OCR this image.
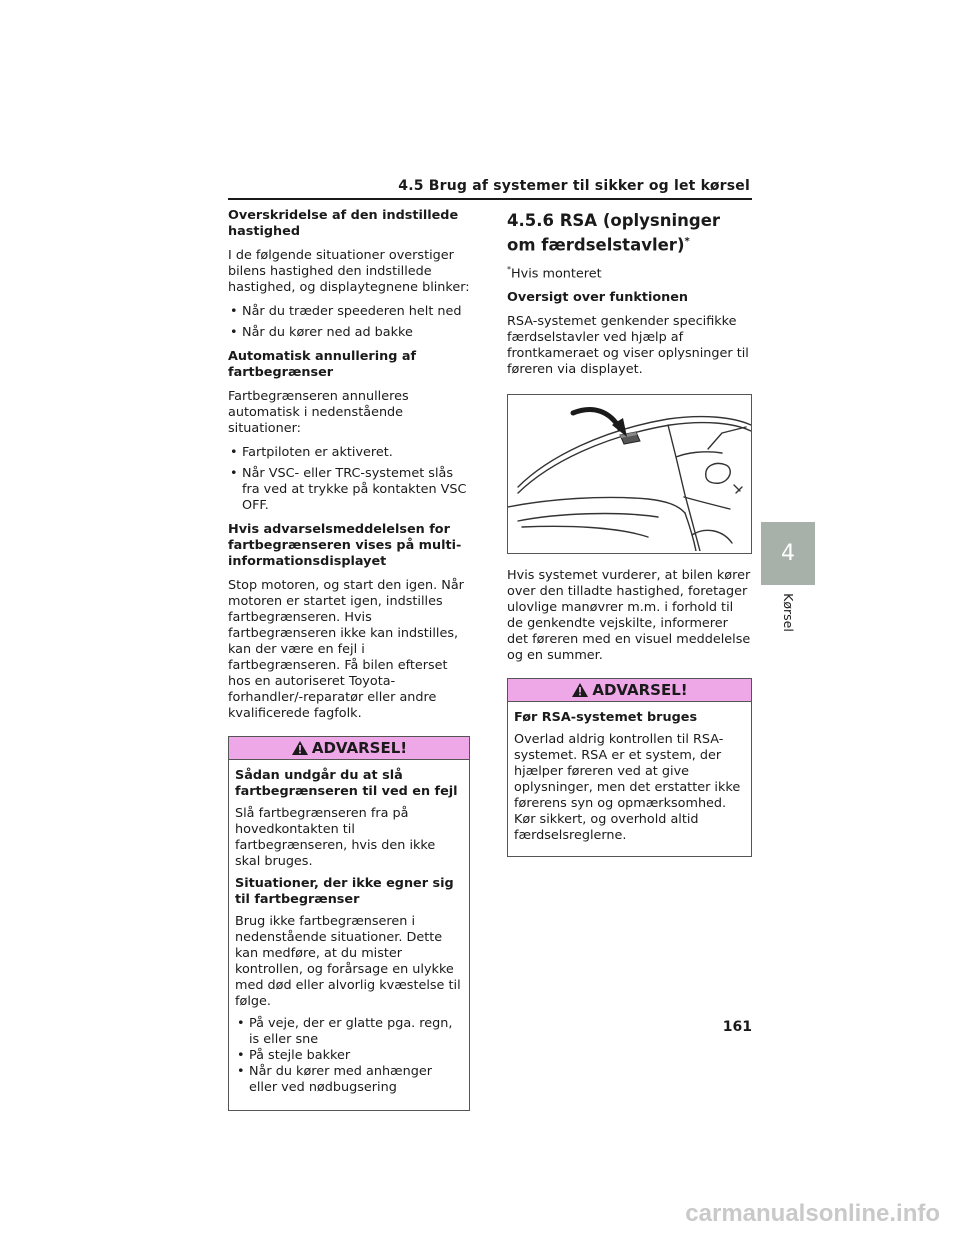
4.5 Brug af systemer til sikker og let kørsel

Overskridelse af den indstillede hastighed

I de følgende situationer overstiger bilens hastighed den indstillede hastighed, og displaytegnene blinker:

• Når du træder speederen helt ned
• Når du kører ned ad bakke

Automatisk annullering af fartbegrænser

Fartbegrænseren annulleres automatisk i nedenstående situationer:

• Fartpiloten er aktiveret.
• Når VSC- eller TRC-systemet slås fra ved at trykke på kontakten VSC OFF.

Hvis advarselsmeddelelsen for fartbegrænseren vises på multi-informationsdisplayet

Stop motoren, og start den igen. Når motoren er startet igen, indstilles fartbegrænseren. Hvis fartbegrænseren ikke kan indstilles, kan der være en fejl i fartbegrænseren. Få bilen efterset hos en autoriseret Toyota-forhandler/-reparatør eller andre kvalificerede fagfolk.

ADVARSEL!

Sådan undgår du at slå fartbegrænseren til ved en fejl

Slå fartbegrænseren fra på hovedkontakten til fartbegrænseren, hvis den ikke skal bruges.

Situationer, der ikke egner sig til fartbegrænser

Brug ikke fartbegrænseren i nedenstående situationer. Dette kan medføre, at du mister kontrollen, og forårsage en ulykke med død eller alvorlig kvæstelse til følge.

• På veje, der er glatte pga. regn, is eller sne
• På stejle bakker
• Når du kører med anhænger eller ved nødbugsering
4.5.6 RSA (oplysninger om færdselstavler)*

*Hvis monteret

Oversigt over funktionen

RSA-systemet genkender specifikke færdselstavler ved hjælp af frontkameraet og viser oplysninger til føreren via displayet.

Hvis systemet vurderer, at bilen kører over den tilladte hastighed, foretager ulovlige manøvrer m.m. i forhold til de genkendte vejskilte, informerer det føreren med en visuel meddelelse og en summer.

ADVARSEL!

Før RSA-systemet bruges

Overlad aldrig kontrollen til RSA-systemet. RSA er et system, der hjælper føreren ved at give oplysninger, men det erstatter ikke førerens syn og opmærksomhed. Kør sikkert, og overhold altid færdselsreglerne.

4
Kørsel
161
carmanualsonline.info
